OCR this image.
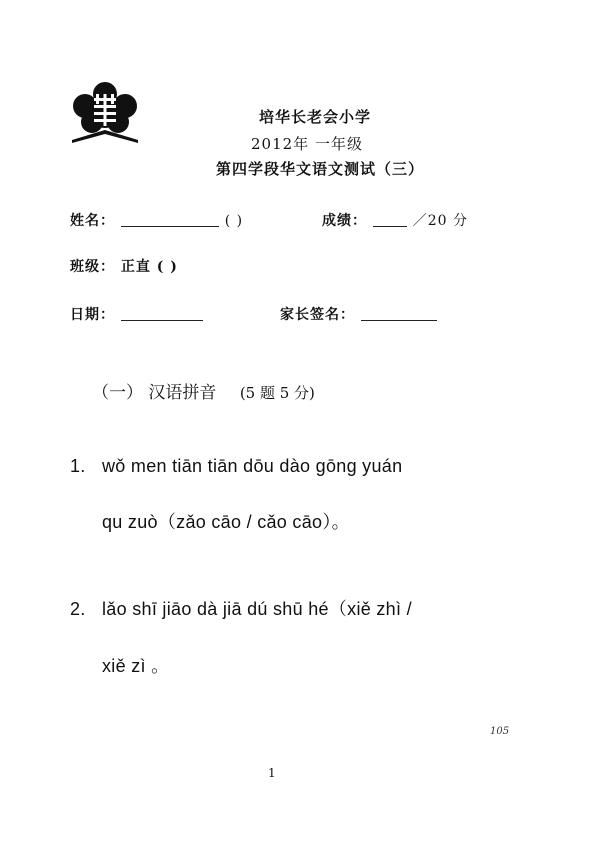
培华长老会小学
2012年 一年级
第四学段华文语文测试（三）
姓名：	( )	成绩：	／20 分
班级： 正直 ( )
日期：	家长签名：
（一） 汉语拼音 (5 题 5 分)
1. wǒ men tiān tiān dōu dào gōng yuán
qu zuò（zǎo cāo / cǎo cāo）。
2. lǎo shī jiāo dà jiā dú shū hé（xiě zhì /
xiě zì 。
105
1
